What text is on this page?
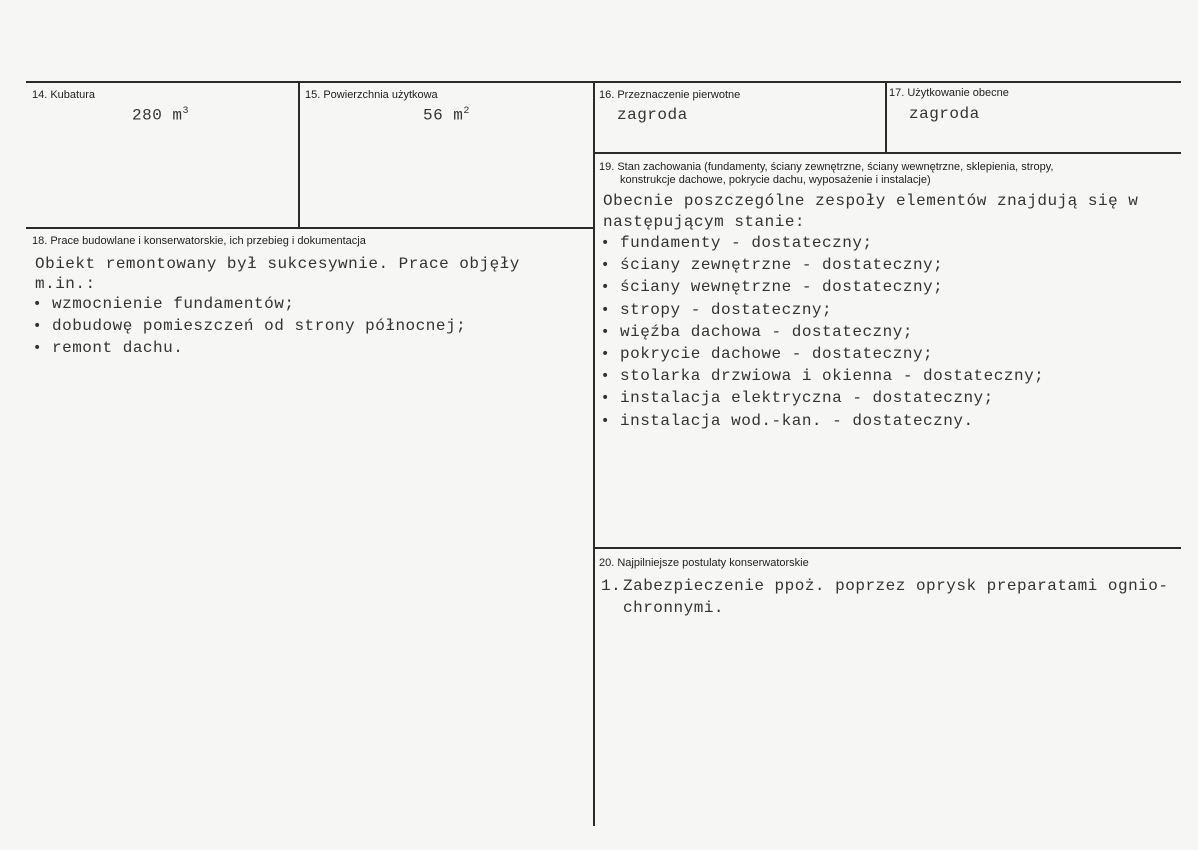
14. Kubatura
280 $m^3$
15. Powierzchnia użytkowa
56 $m^2$
16. Przeznaczenie pierwotne
zagroda
17. Użytkowanie obecne
zagroda
19. Stan zachowania (fundamenty, ściany zewnętrzne, ściany wewnętrzne, sklepienia, stropy,
konstrukcje dachowe, pokrycie dachu, wyposażenie i instalacje)
Obecnie poszczególne zespoły elementów znajdują się w
następującym stanie:
• fundamenty - dostateczny;
• ściany zewnętrzne - dostateczny;
• ściany wewnętrzne - dostateczny;
• stropy - dostateczny;
• więźba dachowa - dostateczny;
• pokrycie dachowe - dostateczny;
• stolarka drzwiowa i okienna - dostateczny;
• instalacja elektryczna - dostateczny;
• instalacja wod.-kan. - dostateczny.
18. Prace budowlane i konserwatorskie, ich przebieg i dokumentacja
Obiekt remontowany był sukcesywnie. Prace objęły
m.in.:
• wzmocnienie fundamentów;
• dobudowę pomieszczeń od strony północnej;
• remont dachu.
20. Najpilniejsze postulaty konserwatorskie
1. Zabezpieczenie ppoż. poprzez oprysk preparatami ognio-
chronnymi.
